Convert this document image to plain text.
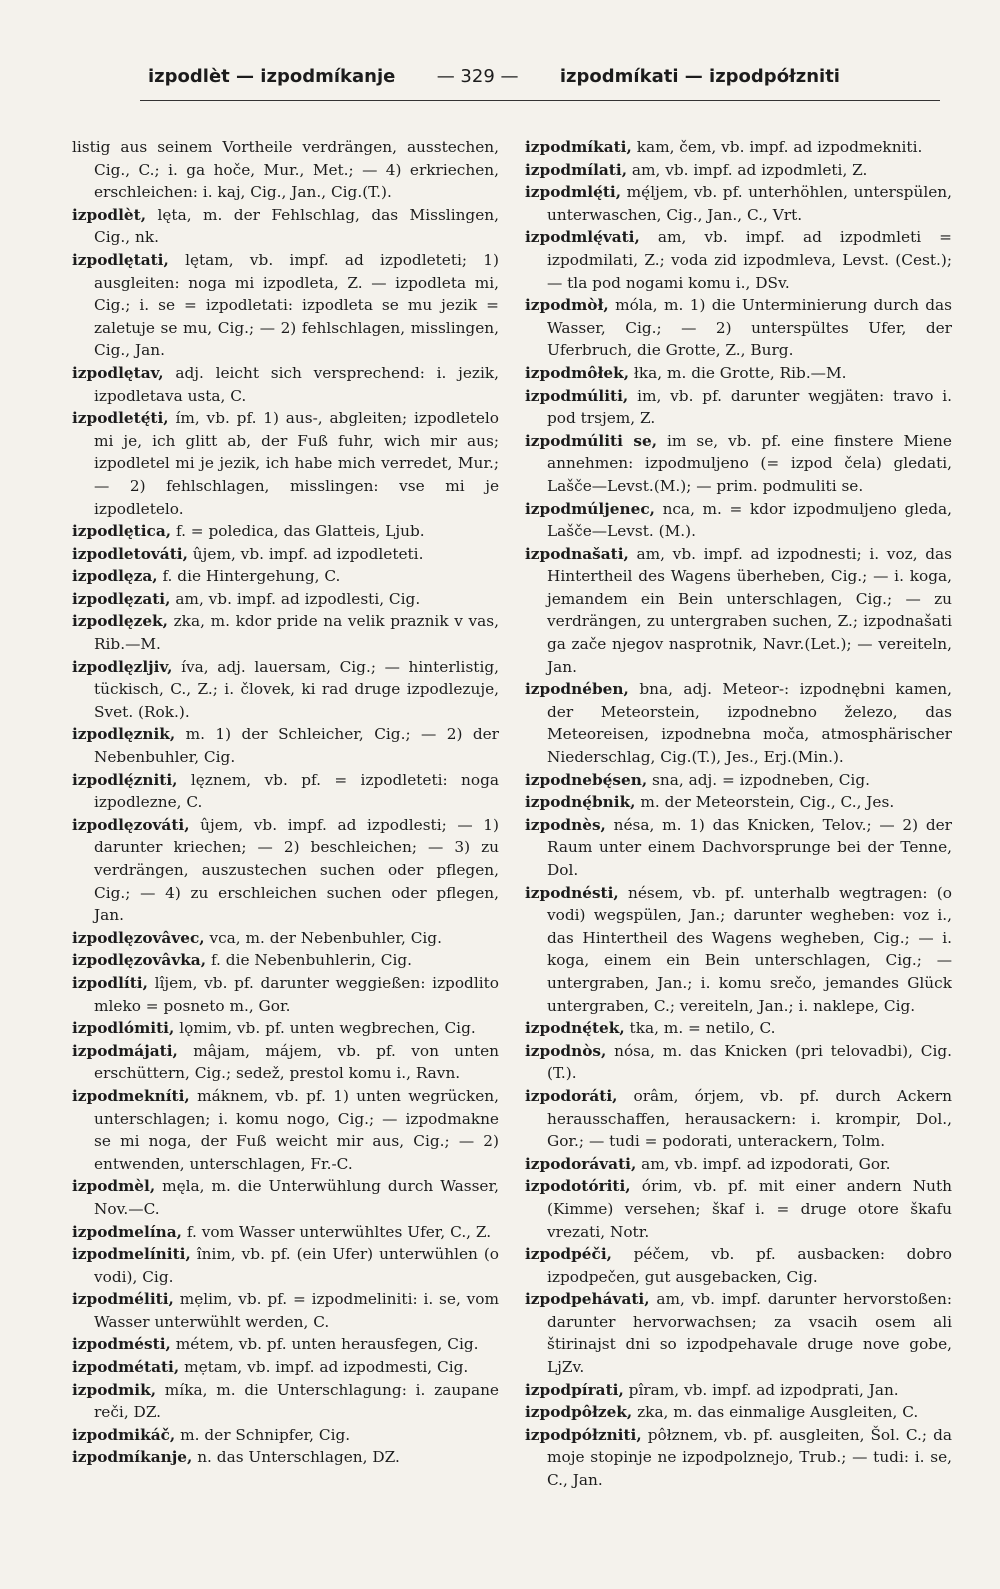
izpodlèt — izpodmíkanje — 329 — izpodmíkati — izpodpółzniti

listig aus seinem Vortheile verdrängen, ausstechen, Cig., C.; i. ga hoče, Mur., Met.; — 4) erkriechen, erschleichen: i. kaj, Cig., Jan., Cig.(T.).

izpodlèt, lęta, m. der Fehlschlag, das Misslingen, Cig., nk.

izpodlętati, lętam, vb. impf. ad izpodleteti; 1) ausgleiten: noga mi izpodleta, Z. — izpodleta mi, Cig.; i. se = izpodletati: izpodleta se mu jezik = zaletuje se mu, Cig.; — 2) fehlschlagen, misslingen, Cig., Jan.

izpodlętav, adj. leicht sich versprechend: i. jezik, izpodletava usta, C.

izpodletę́ti, ím, vb. pf. 1) aus-, abgleiten; izpodletelo mi je, ich glitt ab, der Fuß fuhr, wich mir aus; izpodletel mi je jezik, ich habe mich verredet, Mur.; — 2) fehlschlagen, misslingen: vse mi je izpodletelo.

izpodlętica, f. = poledica, das Glatteis, Ljub.

izpodletováti, ûjem, vb. impf. ad izpodleteti.

izpodlęza, f. die Hintergehung, C.

izpodlęzati, am, vb. impf. ad izpodlesti, Cig.

izpodlęzek, zka, m. kdor pride na velik praznik v vas, Rib.—M.

izpodlęzljiv, íva, adj. lauersam, Cig.; — hinterlistig, tückisch, C., Z.; i. človek, ki rad druge izpodlezuje, Svet. (Rok.).

izpodlęznik, m. 1) der Schleicher, Cig.; — 2) der Nebenbuhler, Cig.

izpodlę́zniti, lęznem, vb. pf. = izpodleteti: noga izpodlezne, C.

izpodlęzováti, ûjem, vb. impf. ad izpodlesti; — 1) darunter kriechen; — 2) beschleichen; — 3) zu verdrängen, auszustechen suchen oder pflegen, Cig.; — 4) zu erschleichen suchen oder pflegen, Jan.

izpodlęzovâvec, vca, m. der Nebenbuhler, Cig.

izpodlęzovâvka, f. die Nebenbuhlerin, Cig.

izpodlíti, lîjem, vb. pf. darunter weggießen: izpodlito mleko = posneto m., Gor.

izpodlómiti, lǫmim, vb. pf. unten wegbrechen, Cig.

izpodmájati, mâjam, májem, vb. pf. von unten erschüttern, Cig.; sedež, prestol komu i., Ravn.

izpodmekníti, máknem, vb. pf. 1) unten wegrücken, unterschlagen; i. komu nogo, Cig.; — izpodmakne se mi noga, der Fuß weicht mir aus, Cig.; — 2) entwenden, unterschlagen, Fr.-C.

izpodmèl, męla, m. die Unterwühlung durch Wasser, Nov.—C.

izpodmelína, f. vom Wasser unterwühltes Ufer, C., Z.

izpodmelíniti, înim, vb. pf. (ein Ufer) unterwühlen (o vodi), Cig.

izpodméliti, mẹlim, vb. pf. = izpodmeliniti: i. se, vom Wasser unterwühlt werden, C.

izpodmésti, métem, vb. pf. unten herausfegen, Cig.

izpodmétati, mẹtam, vb. impf. ad izpodmesti, Cig.

izpodmik, míka, m. die Unterschlagung: i. zaupane reči, DZ.

izpodmikáč, m. der Schnipfer, Cig.

izpodmíkanje, n. das Unterschlagen, DZ.

izpodmíkati, kam, čem, vb. impf. ad izpodmekniti.

izpodmílati, am, vb. impf. ad izpodmleti, Z.

izpodmlę́ti, mę́ljem, vb. pf. unterhöhlen, unterspülen, unterwaschen, Cig., Jan., C., Vrt.

izpodmlę́vati, am, vb. impf. ad izpodmleti = izpodmilati, Z.; voda zid izpodmleva, Levst. (Cest.); — tla pod nogami komu i., DSv.

izpodmòł, móla, m. 1) die Unterminierung durch das Wasser, Cig.; — 2) unterspültes Ufer, der Uferbruch, die Grotte, Z., Burg.

izpodmôłek, łka, m. die Grotte, Rib.—M.

izpodmúliti, im, vb. pf. darunter wegjäten: travo i. pod trsjem, Z.

izpodmúliti se, im se, vb. pf. eine finstere Miene annehmen: izpodmuljeno (= izpod čela) gledati, Lašče—Levst.(M.); — prim. podmuliti se.

izpodmúljenec, nca, m. = kdor izpodmuljeno gleda, Lašče—Levst. (M.).

izpodnašati, am, vb. impf. ad izpodnesti; i. voz, das Hintertheil des Wagens überheben, Cig.; — i. koga, jemandem ein Bein unterschlagen, Cig.; — zu verdrängen, zu untergraben suchen, Z.; izpodnašati ga zače njegov nasprotnik, Navr.(Let.); — vereiteln, Jan.

izpodnében, bna, adj. Meteor-: izpodnębni kamen, der Meteorstein, izpodnebno železo, das Meteoreisen, izpodnebna moča, atmosphärischer Niederschlag, Cig.(T.), Jes., Erj.(Min.).

izpodnebę́sen, sna, adj. = izpodneben, Cig.

izpodnę́bnik, m. der Meteorstein, Cig., C., Jes.

izpodnès, nésa, m. 1) das Knicken, Telov.; — 2) der Raum unter einem Dachvorsprunge bei der Tenne, Dol.

izpodnésti, nésem, vb. pf. unterhalb wegtragen: (o vodi) wegspülen, Jan.; darunter wegheben: voz i., das Hintertheil des Wagens wegheben, Cig.; — i. koga, einem ein Bein unterschlagen, Cig.; — untergraben, Jan.; i. komu srečo, jemandes Glück untergraben, C.; vereiteln, Jan.; i. naklepe, Cig.

izpodnę́tek, tka, m. = netilo, C.

izpodnòs, nósa, m. das Knicken (pri telovadbi), Cig. (T.).

izpodoráti, orâm, órjem, vb. pf. durch Ackern herausschaffen, herausackern: i. krompir, Dol., Gor.; — tudi = podorati, unterackern, Tolm.

izpodorávati, am, vb. impf. ad izpodorati, Gor.

izpodotóriti, órim, vb. pf. mit einer andern Nuth (Kimme) versehen; škaf i. = druge otore škafu vrezati, Notr.

izpodpéči, péčem, vb. pf. ausbacken: dobro izpodpečen, gut ausgebacken, Cig.

izpodpehávati, am, vb. impf. darunter hervorstoßen: darunter hervorwachsen; za vsacih osem ali štirinajst dni so izpodpehavale druge nove gobe, LjZv.

izpodpírati, pîram, vb. impf. ad izpodprati, Jan.

izpodpôłzek, zka, m. das einmalige Ausgleiten, C.

izpodpółzniti, pôłznem, vb. pf. ausgleiten, Šol. C.; da moje stopinje ne izpodpolznejo, Trub.; — tudi: i. se, C., Jan.
